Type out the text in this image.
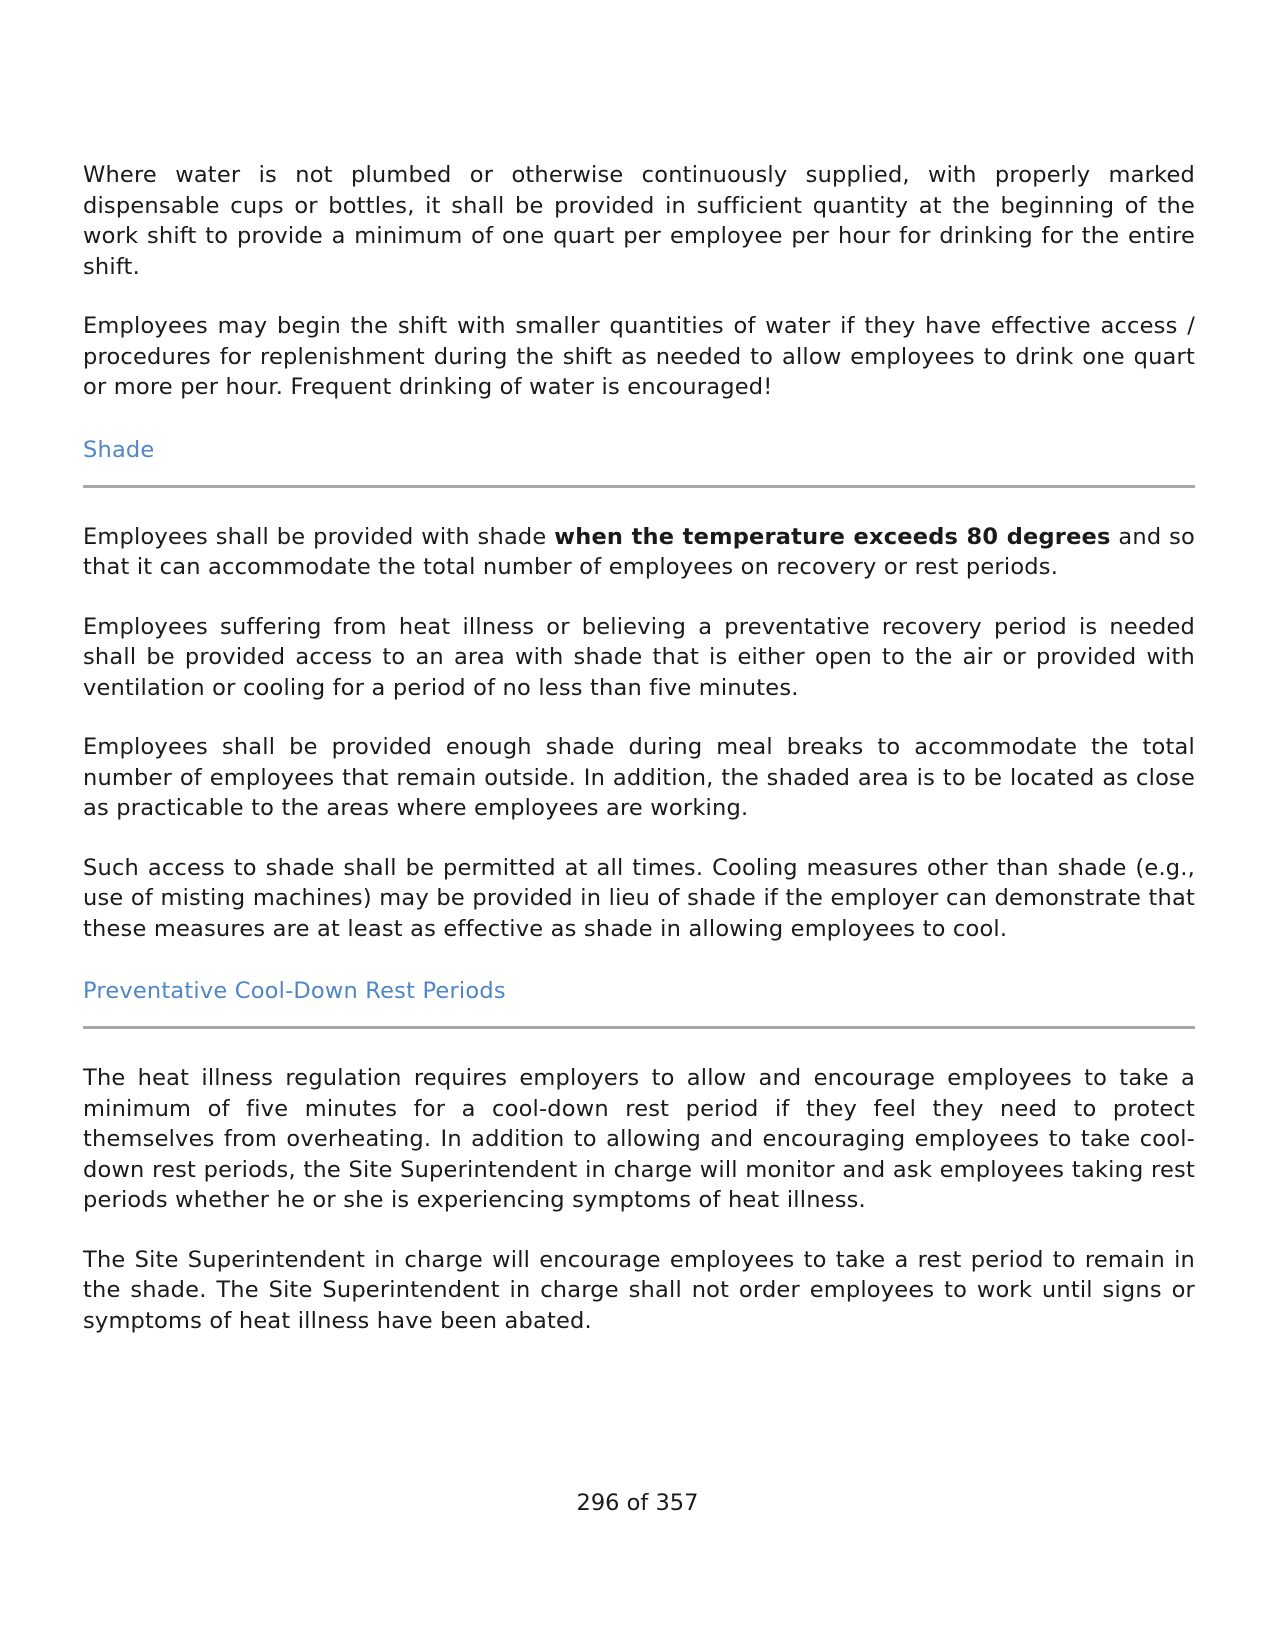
Where water is not plumbed or otherwise continuously supplied, with properly marked dispensable cups or bottles, it shall be provided in sufficient quantity at the beginning of the work shift to provide a minimum of one quart per employee per hour for drinking for the entire shift.

Employees may begin the shift with smaller quantities of water if they have effective access / procedures for replenishment during the shift as needed to allow employees to drink one quart or more per hour. Frequent drinking of water is encouraged!

Shade

Employees shall be provided with shade when the temperature exceeds 80 degrees and so that it can accommodate the total number of employees on recovery or rest periods.

Employees suffering from heat illness or believing a preventative recovery period is needed shall be provided access to an area with shade that is either open to the air or provided with ventilation or cooling for a period of no less than five minutes.

Employees shall be provided enough shade during meal breaks to accommodate the total number of employees that remain outside. In addition, the shaded area is to be located as close as practicable to the areas where employees are working.

Such access to shade shall be permitted at all times. Cooling measures other than shade (e.g., use of misting machines) may be provided in lieu of shade if the employer can demonstrate that these measures are at least as effective as shade in allowing employees to cool.

Preventative Cool-Down Rest Periods

The heat illness regulation requires employers to allow and encourage employees to take a minimum of five minutes for a cool-down rest period if they feel they need to protect themselves from overheating. In addition to allowing and encouraging employees to take cool-down rest periods, the Site Superintendent in charge will monitor and ask employees taking rest periods whether he or she is experiencing symptoms of heat illness.

The Site Superintendent in charge will encourage employees to take a rest period to remain in the shade. The Site Superintendent in charge shall not order employees to work until signs or symptoms of heat illness have been abated.

296 of 357
